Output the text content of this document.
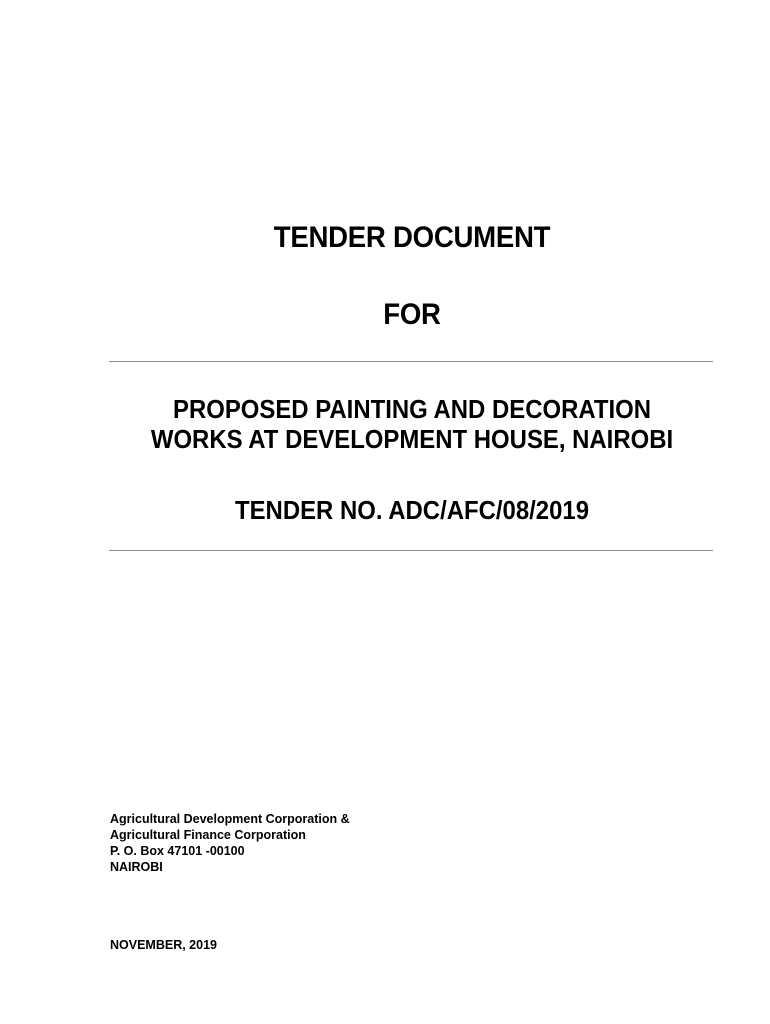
TENDER DOCUMENT
FOR
PROPOSED PAINTING AND DECORATION
WORKS AT DEVELOPMENT HOUSE, NAIROBI
TENDER NO. ADC/AFC/08/2019
Agricultural Development Corporation &
Agricultural Finance Corporation
P. O. Box 47101 -00100
NAIROBI
NOVEMBER, 2019
